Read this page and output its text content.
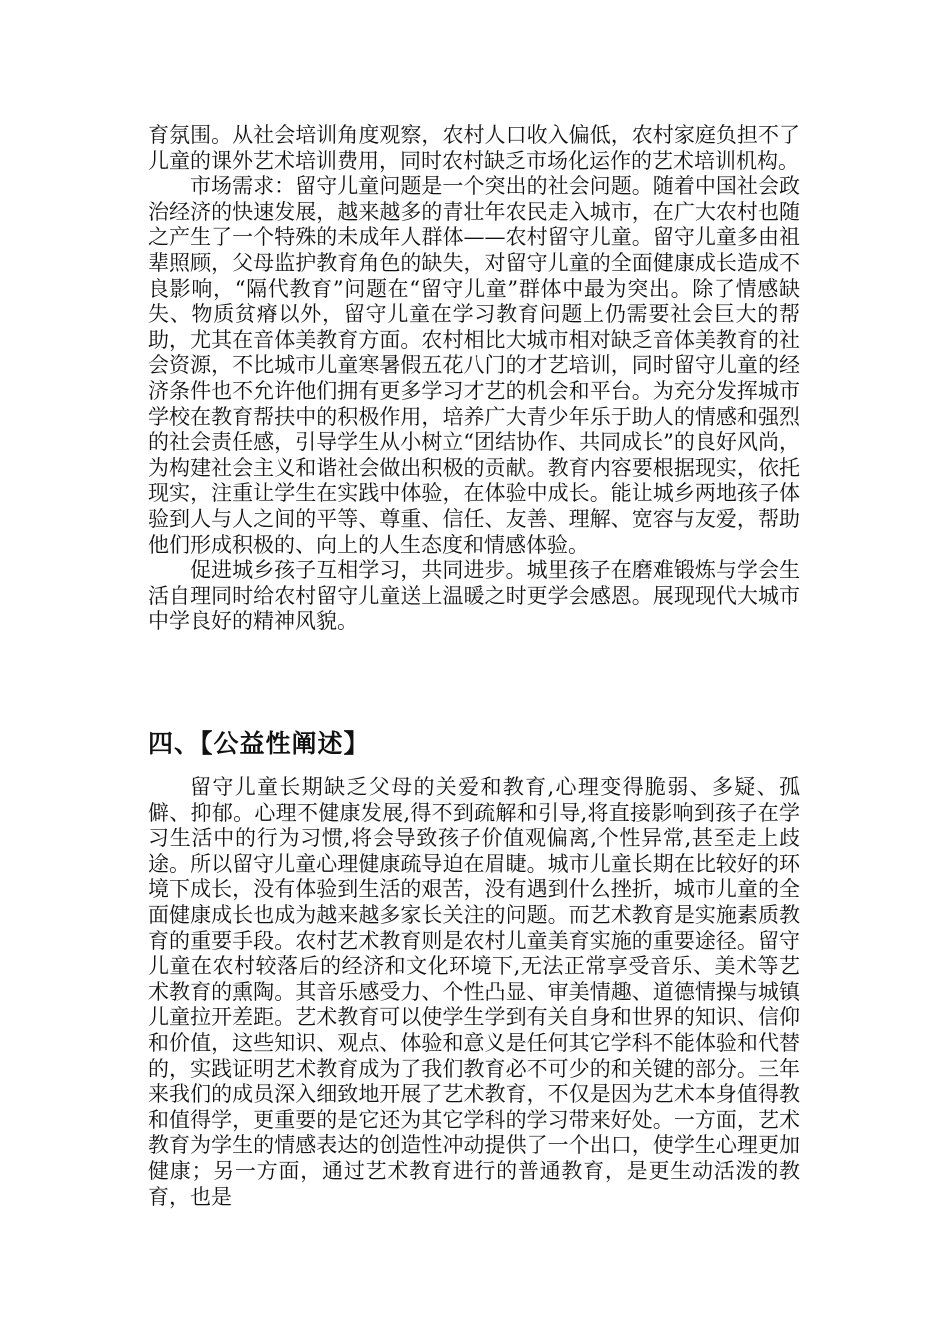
育氛围。从社会培训角度观察，农村人口收入偏低，农村家庭负担不了儿童的课外艺术培训费用，同时农村缺乏市场化运作的艺术培训机构。

市场需求：留守儿童问题是一个突出的社会问题。随着中国社会政治经济的快速发展，越来越多的青壮年农民走入城市，在广大农村也随之产生了一个特殊的未成年人群体——农村留守儿童。留守儿童多由祖辈照顾，父母监护教育角色的缺失，对留守儿童的全面健康成长造成不良影响，“隔代教育”问题在“留守儿童”群体中最为突出。除了情感缺失、物质贫瘠以外，留守儿童在学习教育问题上仍需要社会巨大的帮助，尤其在音体美教育方面。农村相比大城市相对缺乏音体美教育的社会资源，不比城市儿童寒暑假五花八门的才艺培训，同时留守儿童的经济条件也不允许他们拥有更多学习才艺的机会和平台。为充分发挥城市学校在教育帮扶中的积极作用，培养广大青少年乐于助人的情感和强烈的社会责任感，引导学生从小树立“团结协作、共同成长”的良好风尚，为构建社会主义和谐社会做出积极的贡献。教育内容要根据现实，依托现实，注重让学生在实践中体验，在体验中成长。能让城乡两地孩子体验到人与人之间的平等、尊重、信任、友善、理解、宽容与友爱，帮助他们形成积极的、向上的人生态度和情感体验。

促进城乡孩子互相学习，共同进步。城里孩子在磨难锻炼与学会生活自理同时给农村留守儿童送上温暖之时更学会感恩。展现现代大城市中学良好的精神风貌。

四、【公益性阐述】

留守儿童长期缺乏父母的关爱和教育,心理变得脆弱、多疑、孤僻、抑郁。心理不健康发展,得不到疏解和引导,将直接影响到孩子在学习生活中的行为习惯,将会导致孩子价值观偏离,个性异常,甚至走上歧途。所以留守儿童心理健康疏导迫在眉睫。城市儿童长期在比较好的环境下成长，没有体验到生活的艰苦，没有遇到什么挫折，城市儿童的全面健康成长也成为越来越多家长关注的问题。而艺术教育是实施素质教育的重要手段。农村艺术教育则是农村儿童美育实施的重要途径。留守儿童在农村较落后的经济和文化环境下,无法正常享受音乐、美术等艺术教育的熏陶。其音乐感受力、个性凸显、审美情趣、道德情操与城镇儿童拉开差距。艺术教育可以使学生学到有关自身和世界的知识、信仰和价值，这些知识、观点、体验和意义是任何其它学科不能体验和代替的，实践证明艺术教育成为了我们教育必不可少的和关键的部分。三年来我们的成员深入细致地开展了艺术教育，不仅是因为艺术本身值得教和值得学，更重要的是它还为其它学科的学习带来好处。一方面，艺术教育为学生的情感表达的创造性冲动提供了一个出口，使学生心理更加健康；另一方面，通过艺术教育进行的普通教育，是更生动活泼的教育，也是
